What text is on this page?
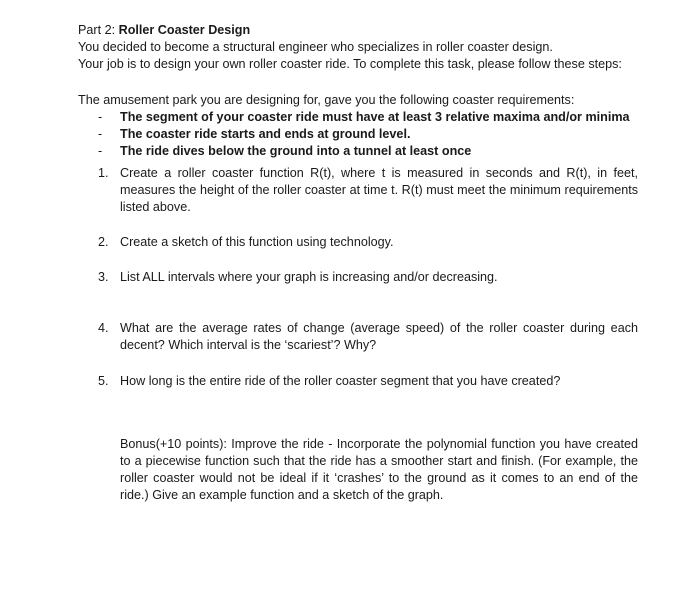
Part 2: Roller Coaster Design

You decided to become a structural engineer who specializes in roller coaster design.

Your job is to design your own roller coaster ride. To complete this task, please follow these steps:

The amusement park you are designing for, gave you the following coaster requirements:

- The segment of your coaster ride must have at least 3 relative maxima and/or minima
- The coaster ride starts and ends at ground level.
- The ride dives below the ground into a tunnel at least once
1. Create a roller coaster function R(t), where t is measured in seconds and R(t), in feet, measures the height of the roller coaster at time t. R(t) must meet the minimum requirements listed above.
2. Create a sketch of this function using technology.
3. List ALL intervals where your graph is increasing and/or decreasing.
4. What are the average rates of change (average speed) of the roller coaster during each decent? Which interval is the ‘scariest’? Why?
5. How long is the entire ride of the roller coaster segment that you have created?

Bonus(+10 points): Improve the ride - Incorporate the polynomial function you have created to a piecewise function such that the ride has a smoother start and finish. (For example, the roller coaster would not be ideal if it ‘crashes’ to the ground as it comes to an end of the ride.) Give an example function and a sketch of the graph.
